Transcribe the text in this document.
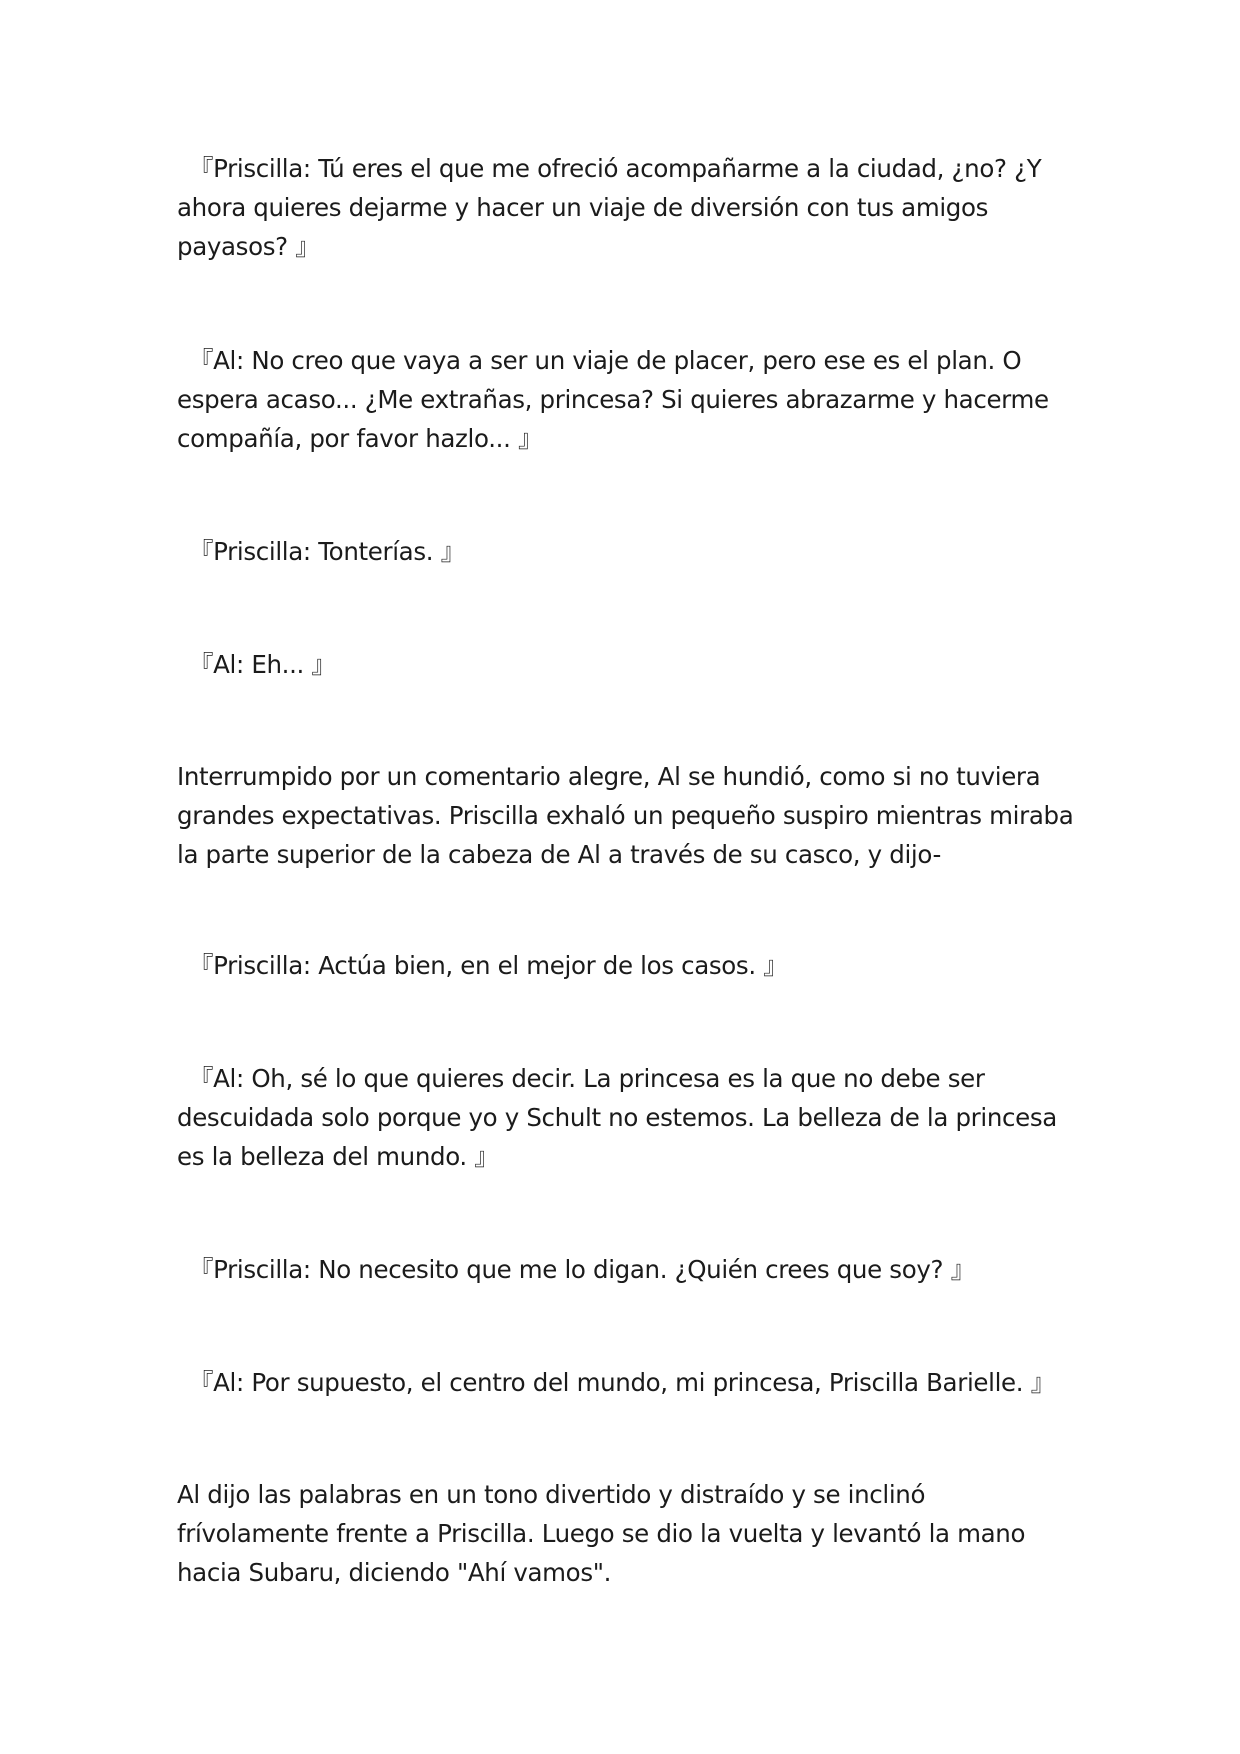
『Priscilla: Tú eres el que me ofreció acompañarme a la ciudad, ¿no? ¿Y ahora quieres dejarme y hacer un viaje de diversión con tus amigos payasos? 』

『Al: No creo que vaya a ser un viaje de placer, pero ese es el plan. O espera acaso... ¿Me extrañas, princesa? Si quieres abrazarme y hacerme compañía, por favor hazlo... 』

『Priscilla: Tonterías. 』

『Al: Eh... 』

Interrumpido por un comentario alegre, Al se hundió, como si no tuviera grandes expectativas. Priscilla exhaló un pequeño suspiro mientras miraba la parte superior de la cabeza de Al a través de su casco, y dijo-

『Priscilla: Actúa bien, en el mejor de los casos. 』

『Al: Oh, sé lo que quieres decir. La princesa es la que no debe ser descuidada solo porque yo y Schult no estemos. La belleza de la princesa es la belleza del mundo. 』

『Priscilla: No necesito que me lo digan. ¿Quién crees que soy? 』

『Al: Por supuesto, el centro del mundo, mi princesa, Priscilla Barielle. 』

Al dijo las palabras en un tono divertido y distraído y se inclinó frívolamente frente a Priscilla. Luego se dio la vuelta y levantó la mano hacia Subaru, diciendo "Ahí vamos".
